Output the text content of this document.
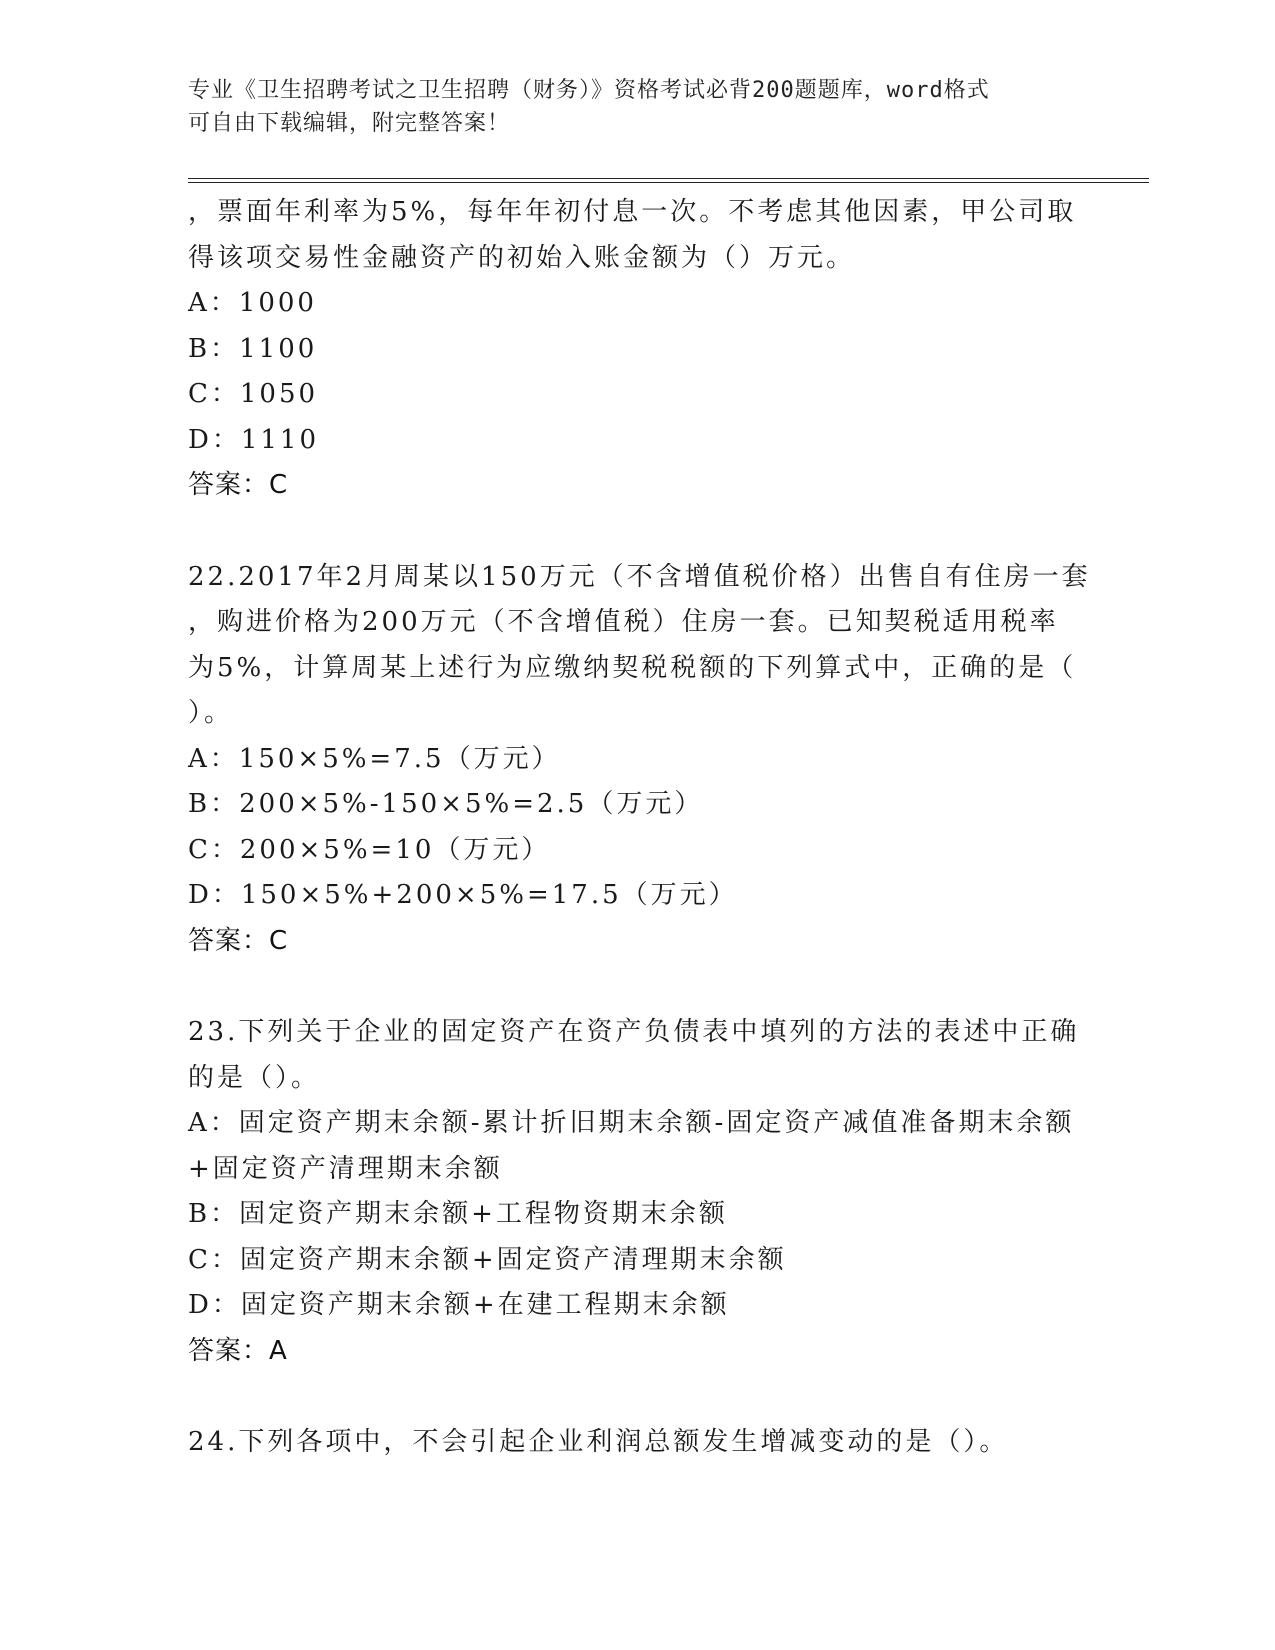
专业《卫生招聘考试之卫生招聘（财务）》资格考试必背200题题库，word格式
可自由下载编辑，附完整答案！
，票面年利率为5%，每年年初付息一次。不考虑其他因素，甲公司取
得该项交易性金融资产的初始入账金额为（）万元。
A：1000
B：1100
C：1050
D：1110
答案：C
22.2017年2月周某以150万元（不含增值税价格）出售自有住房一套
，购进价格为200万元（不含增值税）住房一套。已知契税适用税率
为5%，计算周某上述行为应缴纳契税税额的下列算式中，正确的是（
）。
A：150×5%=7.5（万元）
B：200×5%-150×5%=2.5（万元）
C：200×5%=10（万元）
D：150×5%+200×5%=17.5（万元）
答案：C
23.下列关于企业的固定资产在资产负债表中填列的方法的表述中正确
的是（）。
A：固定资产期末余额-累计折旧期末余额-固定资产减值准备期末余额
+固定资产清理期末余额
B：固定资产期末余额+工程物资期末余额
C：固定资产期末余额+固定资产清理期末余额
D：固定资产期末余额+在建工程期末余额
答案：A
24.下列各项中，不会引起企业利润总额发生增减变动的是（）。
